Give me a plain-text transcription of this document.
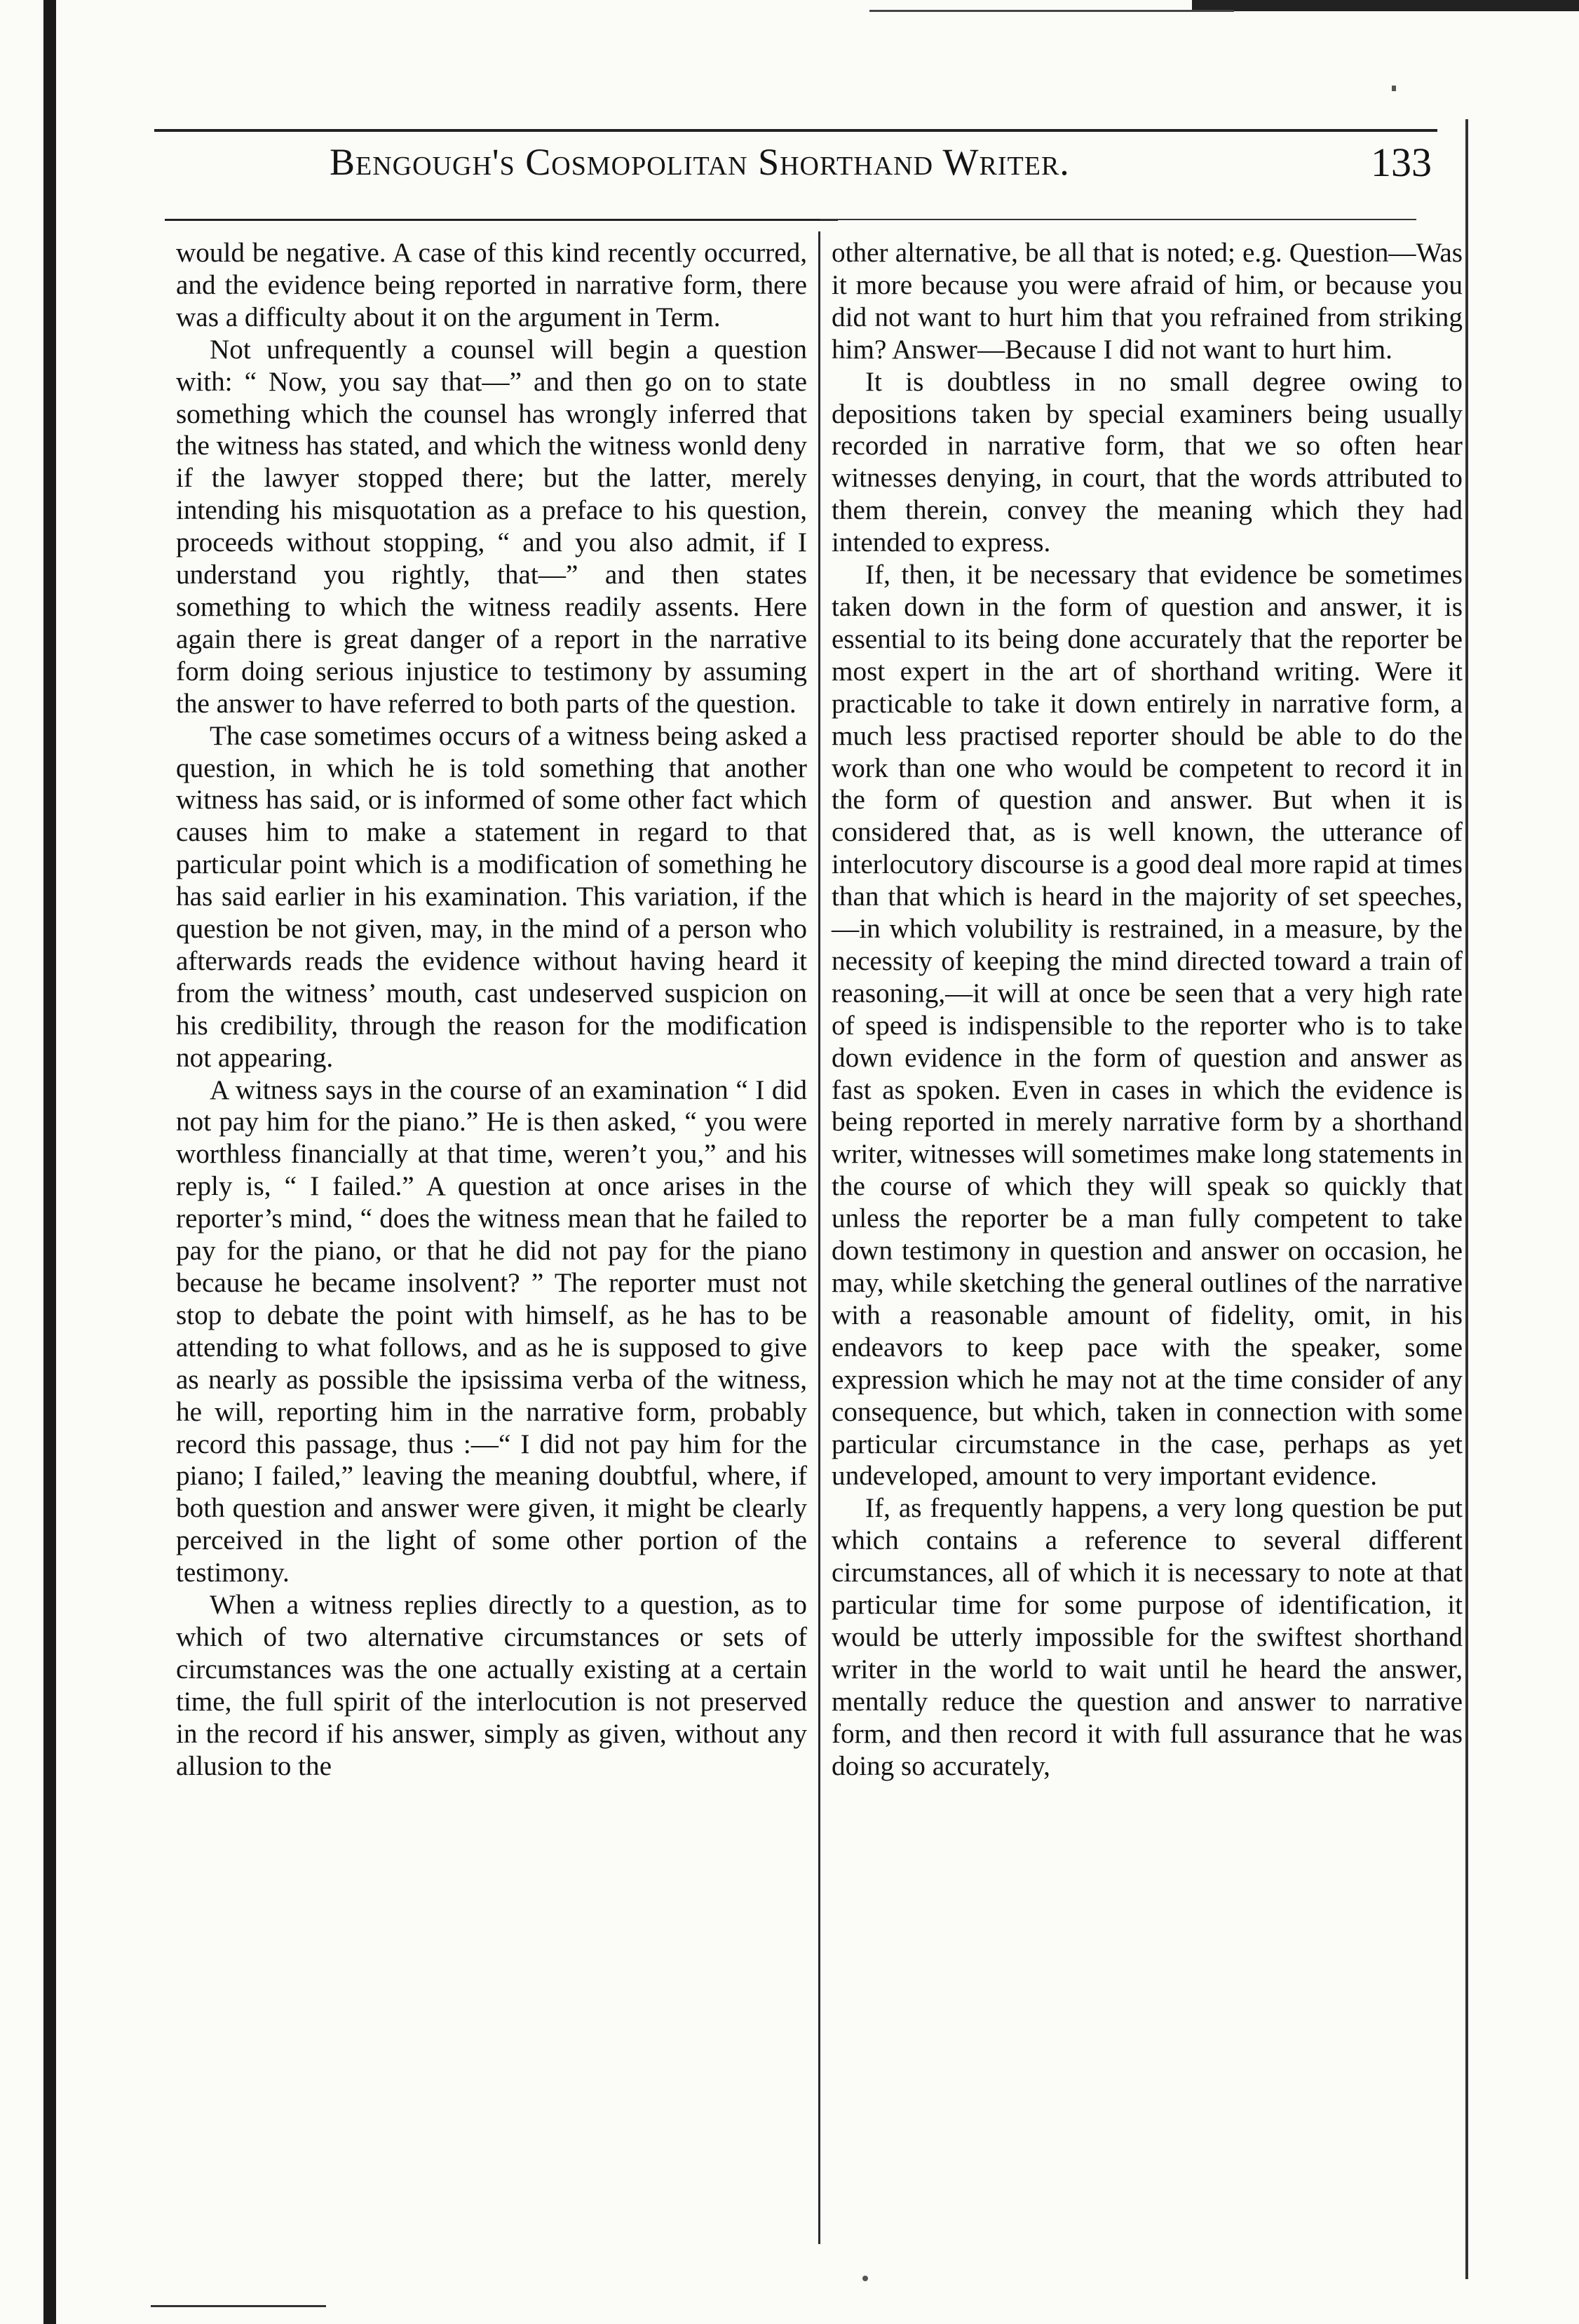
Bengough's Cosmopolitan Shorthand Writer.	133

would be negative. A case of this kind recently occurred, and the evidence being reported in narrative form, there was a difficulty about it on the argument in Term.

Not unfrequently a counsel will begin a question with: “ Now, you say that—” and then go on to state something which the counsel has wrongly inferred that the witness has stated, and which the witness wonld deny if the lawyer stopped there; but the latter, merely intending his misquotation as a preface to his question, proceeds without stopping, “ and you also admit, if I understand you rightly, that—” and then states something to which the witness readily assents. Here again there is great danger of a report in the narrative form doing serious injustice to testimony by assuming the answer to have referred to both parts of the question.

The case sometimes occurs of a witness being asked a question, in which he is told something that another witness has said, or is informed of some other fact which causes him to make a statement in regard to that particular point which is a modification of something he has said earlier in his examination. This variation, if the question be not given, may, in the mind of a person who afterwards reads the evidence without having heard it from the witness’ mouth, cast undeserved suspicion on his credibility, through the reason for the modification not appearing.

A witness says in the course of an examination “ I did not pay him for the piano.” He is then asked, “ you were worthless financially at that time, weren’t you,” and his reply is, “ I failed.” A question at once arises in the reporter’s mind, “ does the witness mean that he failed to pay for the piano, or that he did not pay for the piano because he became insolvent? ” The reporter must not stop to debate the point with himself, as he has to be attending to what follows, and as he is supposed to give as nearly as possible the ipsissima verba of the witness, he will, reporting him in the narrative form, probably record this passage, thus :—“ I did not pay him for the piano; I failed,” leaving the meaning doubtful, where, if both question and answer were given, it might be clearly perceived in the light of some other portion of the testimony.

When a witness replies directly to a question, as to which of two alternative circumstances or sets of circumstances was the one actually existing at a certain time, the full spirit of the interlocution is not preserved in the record if his answer, simply as given, without any allusion to the

other alternative, be all that is noted; e.g. Question—Was it more because you were afraid of him, or because you did not want to hurt him that you refrained from striking him? Answer—Because I did not want to hurt him.

It is doubtless in no small degree owing to depositions taken by special examiners being usually recorded in narrative form, that we so often hear witnesses denying, in court, that the words attributed to them therein, convey the meaning which they had intended to express.

If, then, it be necessary that evidence be sometimes taken down in the form of question and answer, it is essential to its being done accurately that the reporter be most expert in the art of shorthand writing. Were it practicable to take it down entirely in narrative form, a much less practised reporter should be able to do the work than one who would be competent to record it in the form of question and answer. But when it is considered that, as is well known, the utterance of interlocutory discourse is a good deal more rapid at times than that which is heard in the majority of set speeches,—in which volubility is restrained, in a measure, by the necessity of keeping the mind directed toward a train of reasoning,—it will at once be seen that a very high rate of speed is indispensible to the reporter who is to take down evidence in the form of question and answer as fast as spoken. Even in cases in which the evidence is being reported in merely narrative form by a shorthand writer, witnesses will sometimes make long statements in the course of which they will speak so quickly that unless the reporter be a man fully competent to take down testimony in question and answer on occasion, he may, while sketching the general outlines of the narrative with a reasonable amount of fidelity, omit, in his endeavors to keep pace with the speaker, some expression which he may not at the time consider of any consequence, but which, taken in connection with some particular circumstance in the case, perhaps as yet undeveloped, amount to very important evidence.

If, as frequently happens, a very long question be put which contains a reference to several different circumstances, all of which it is necessary to note at that particular time for some purpose of identification, it would be utterly impossible for the swiftest shorthand writer in the world to wait until he heard the answer, mentally reduce the question and answer to narrative form, and then record it with full assurance that he was doing so accurately,
